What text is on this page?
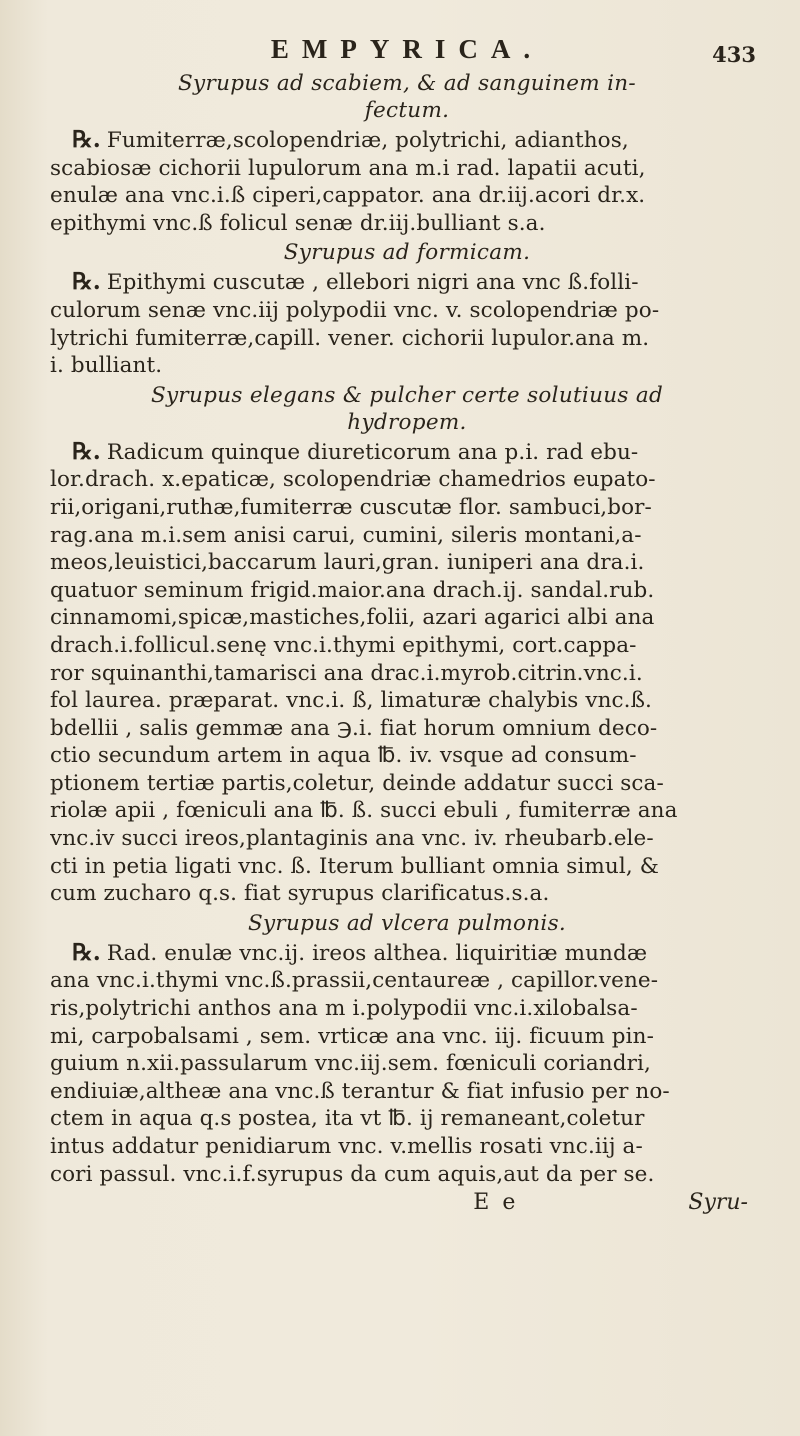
EMPYRICA.	433
Syrupus ad scabiem, & ad sanguinem in-
fectum.
℞. Fumiterræ,scolopendriæ, polytrichi, adianthos,
scabiosæ cichorii lupulorum ana m.i rad. lapatii acuti,
enulæ ana vnc.i.ß ciperi,cappator. ana dr.iij.acori dr.x.
epithymi vnc.ß folicul senæ dr.iij.bulliant s.a.
Syrupus ad formicam.
℞. Epithymi cuscutæ , ellebori nigri ana vnc ß.folli-
culorum senæ vnc.iij polypodii vnc. v. scolopendriæ po-
lytrichi fumiterræ,capill. vener. cichorii lupulor.ana m.
i. bulliant.
Syrupus elegans & pulcher certe solutiuus ad
hydropem.
℞. Radicum quinque diureticorum ana p.i. rad ebu-
lor.drach. x.epaticæ, scolopendriæ chamedrios eupato-
rii,origani,ruthæ,fumiterræ cuscutæ flor. sambuci,bor-
rag.ana m.i.sem anisi carui, cumini, sileris montani,a-
meos,leuistici,baccarum lauri,gran. iuniperi ana dra.i.
quatuor seminum frigid.maior.ana drach.ij. sandal.rub.
cinnamomi,spicæ,mastiches,folii, azari agarici albi ana
drach.i.follicul.senę vnc.i.thymi epithymi, cort.cappa-
ror squinanthi,tamarisci ana drac.i.myrob.citrin.vnc.i.
fol laurea. præparat. vnc.i. ß, limaturæ chalybis vnc.ß.
bdellii , salis gemmæ ana ℈.i. fiat horum omnium deco-
ctio secundum artem in aqua ℔. iv. vsque ad consum-
ptionem tertiæ partis,coletur, deinde addatur succi sca-
riolæ apii , fœniculi ana ℔. ß. succi ebuli , fumiterræ ana
vnc.iv succi ireos,plantaginis ana vnc. iv. rheubarb.ele-
cti in petia ligati vnc. ß. Iterum bulliant omnia simul, &
cum zucharo q.s. fiat syrupus clarificatus.s.a.
Syrupus ad vlcera pulmonis.
℞. Rad. enulæ vnc.ij. ireos althea. liquiritiæ mundæ
ana vnc.i.thymi vnc.ß.prassii,centaureæ , capillor.vene-
ris,polytrichi anthos ana m i.polypodii vnc.i.xilobalsa-
mi, carpobalsami , sem. vrticæ ana vnc. iij. ficuum pin-
guium n.xii.passularum vnc.iij.sem. fœniculi coriandri,
endiuiæ,altheæ ana vnc.ß terantur & fiat infusio per no-
ctem in aqua q.s postea, ita vt ℔. ij remaneant,coletur
intus addatur penidiarum vnc. v.mellis rosati vnc.iij a-
cori passul. vnc.i.f.syrupus da cum aquis,aut da per se.
E e	Syru-
